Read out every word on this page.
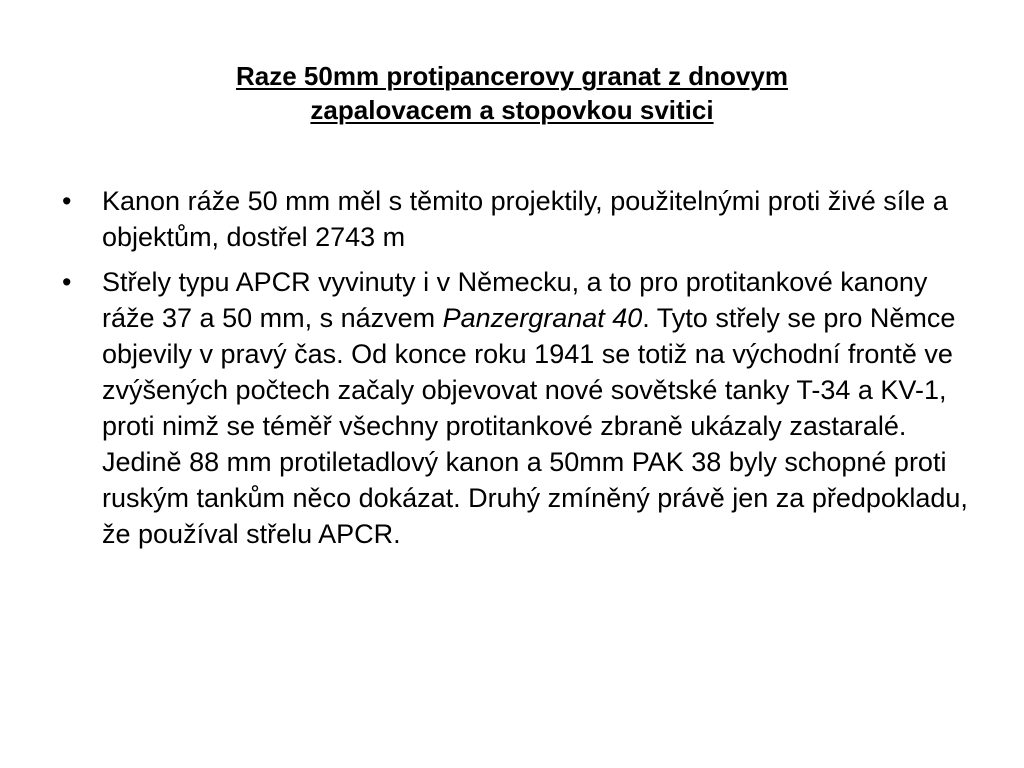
Raze 50mm protipancerovy granat z dnovym
zapalovacem a stopovkou svitici
•
Kanon ráže 50 mm měl s těmito projektily, použitelnými proti živé síle a objektům, dostřel 2743 m
•
Střely typu APCR vyvinuty i v Německu, a to pro protitankové kanony ráže 37 a 50 mm, s názvem Panzergranat 40. Tyto střely se pro Němce objevily v pravý čas. Od konce roku 1941 se totiž na východní frontě ve zvýšených počtech začaly objevovat nové sovětské tanky T-34 a KV-1, proti nimž se téměř všechny protitankové zbraně ukázaly zastaralé. Jedině 88 mm protiletadlový kanon a 50mm PAK 38 byly schopné proti ruským tankům něco dokázat. Druhý zmíněný právě jen za předpokladu, že používal střelu APCR.
